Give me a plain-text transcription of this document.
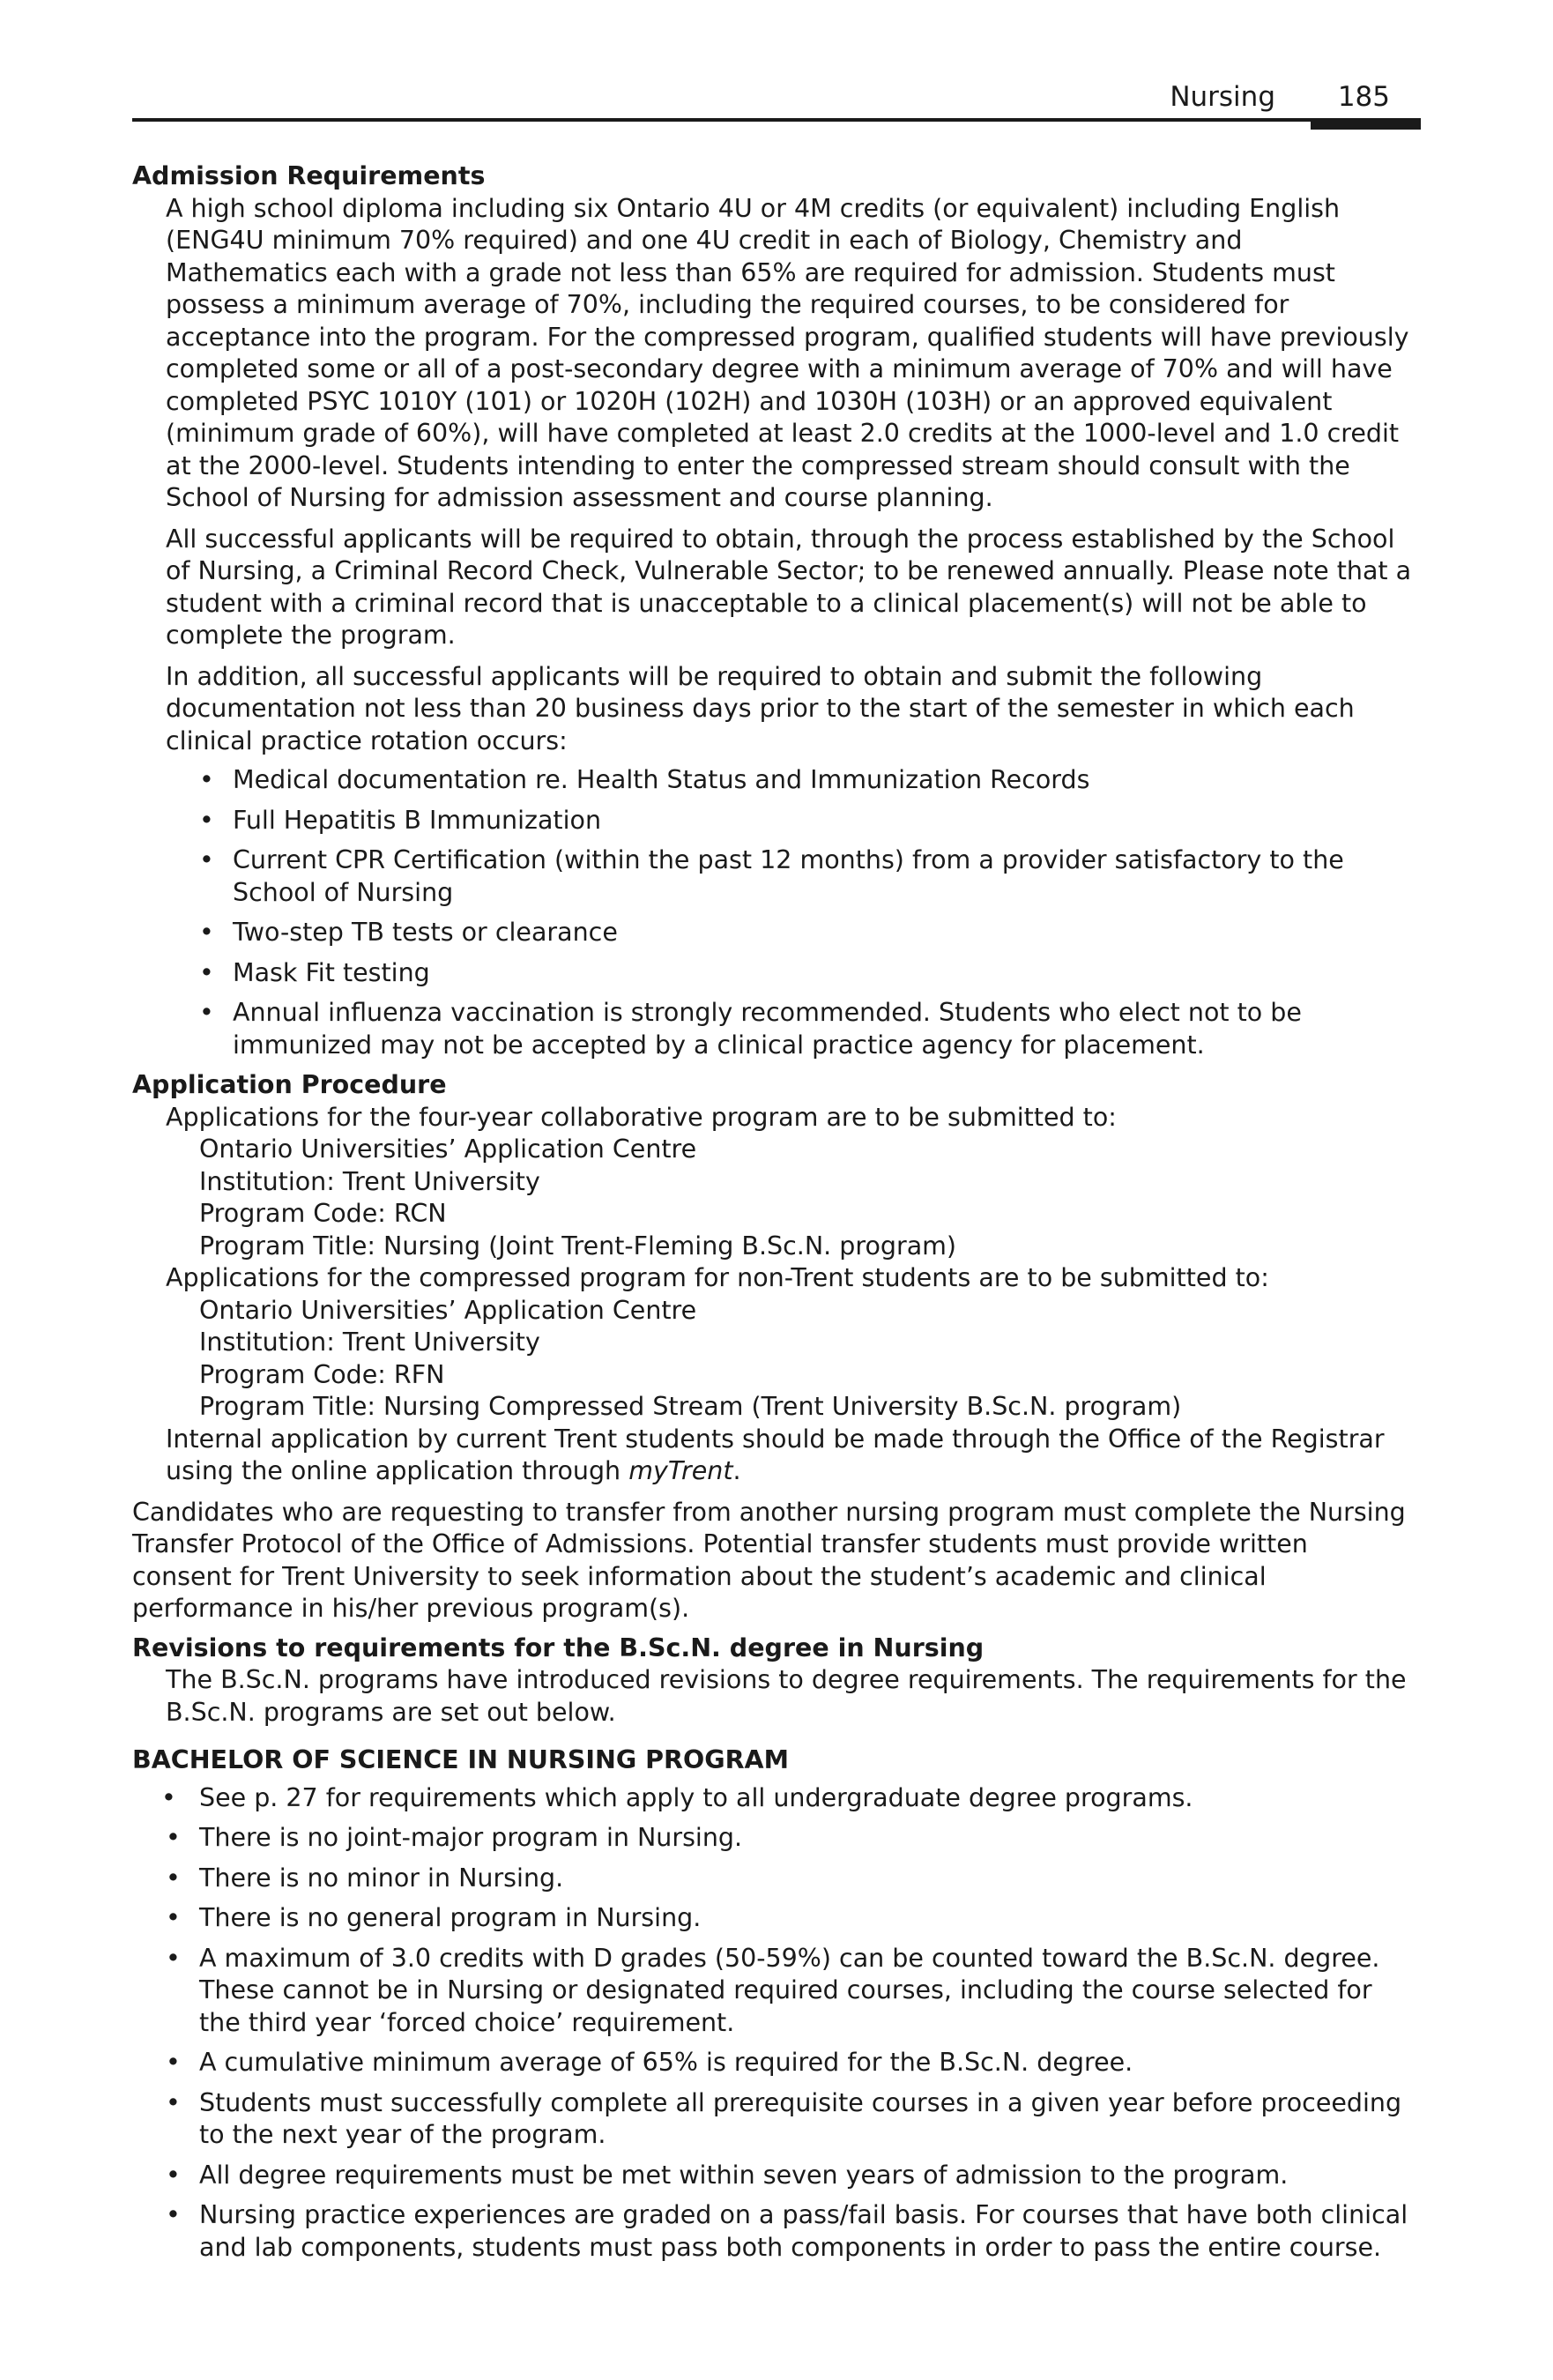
Nursing 185
Admission Requirements

A high school diploma including six Ontario 4U or 4M credits (or equivalent) including English (ENG4U minimum 70% required) and one 4U credit in each of Biology, Chemistry and Mathematics each with a grade not less than 65% are required for admission. Students must possess a minimum average of 70%, including the required courses, to be considered for acceptance into the program. For the compressed program, qualified students will have previously completed some or all of a post-secondary degree with a minimum average of 70% and will have completed PSYC 1010Y (101) or 1020H (102H) and 1030H (103H) or an approved equivalent (minimum grade of 60%), will have completed at least 2.0 credits at the 1000-level and 1.0 credit at the 2000-level. Students intending to enter the compressed stream should consult with the School of Nursing for admission assessment and course planning.

All successful applicants will be required to obtain, through the process established by the School of Nursing, a Criminal Record Check, Vulnerable Sector; to be renewed annually. Please note that a student with a criminal record that is unacceptable to a clinical placement(s) will not be able to complete the program.

In addition, all successful applicants will be required to obtain and submit the following documentation not less than 20 business days prior to the start of the semester in which each clinical practice rotation occurs:

• Medical documentation re. Health Status and Immunization Records
• Full Hepatitis B Immunization
• Current CPR Certification (within the past 12 months) from a provider satisfactory to the School of Nursing
• Two-step TB tests or clearance
• Mask Fit testing
• Annual influenza vaccination is strongly recommended. Students who elect not to be immunized may not be accepted by a clinical practice agency for placement.
Application Procedure
Applications for the four-year collaborative program are to be submitted to:
Ontario Universities’ Application Centre
Institution: Trent University
Program Code: RCN
Program Title: Nursing (Joint Trent-Fleming B.Sc.N. program)
Applications for the compressed program for non-Trent students are to be submitted to:
Ontario Universities’ Application Centre
Institution: Trent University
Program Code: RFN
Program Title: Nursing Compressed Stream (Trent University B.Sc.N. program)
Internal application by current Trent students should be made through the Office of the Registrar using the online application through myTrent.

Candidates who are requesting to transfer from another nursing program must complete the Nursing Transfer Protocol of the Office of Admissions. Potential transfer students must provide written consent for Trent University to seek information about the student’s academic and clinical performance in his/her previous program(s).

Revisions to requirements for the B.Sc.N. degree in Nursing
The B.Sc.N. programs have introduced revisions to degree requirements. The requirements for the B.Sc.N. programs are set out below.
BACHELOR OF SCIENCE IN NURSING PROGRAM
• See p. 27 for requirements which apply to all undergraduate degree programs.
• There is no joint-major program in Nursing.
• There is no minor in Nursing.
• There is no general program in Nursing.
• A maximum of 3.0 credits with D grades (50-59%) can be counted toward the B.Sc.N. degree. These cannot be in Nursing or designated required courses, including the course selected for the third year ‘forced choice’ requirement.
• A cumulative minimum average of 65% is required for the B.Sc.N. degree.
• Students must successfully complete all prerequisite courses in a given year before proceeding to the next year of the program.
• All degree requirements must be met within seven years of admission to the program.
• Nursing practice experiences are graded on a pass/fail basis. For courses that have both clinical and lab components, students must pass both components in order to pass the entire course.
